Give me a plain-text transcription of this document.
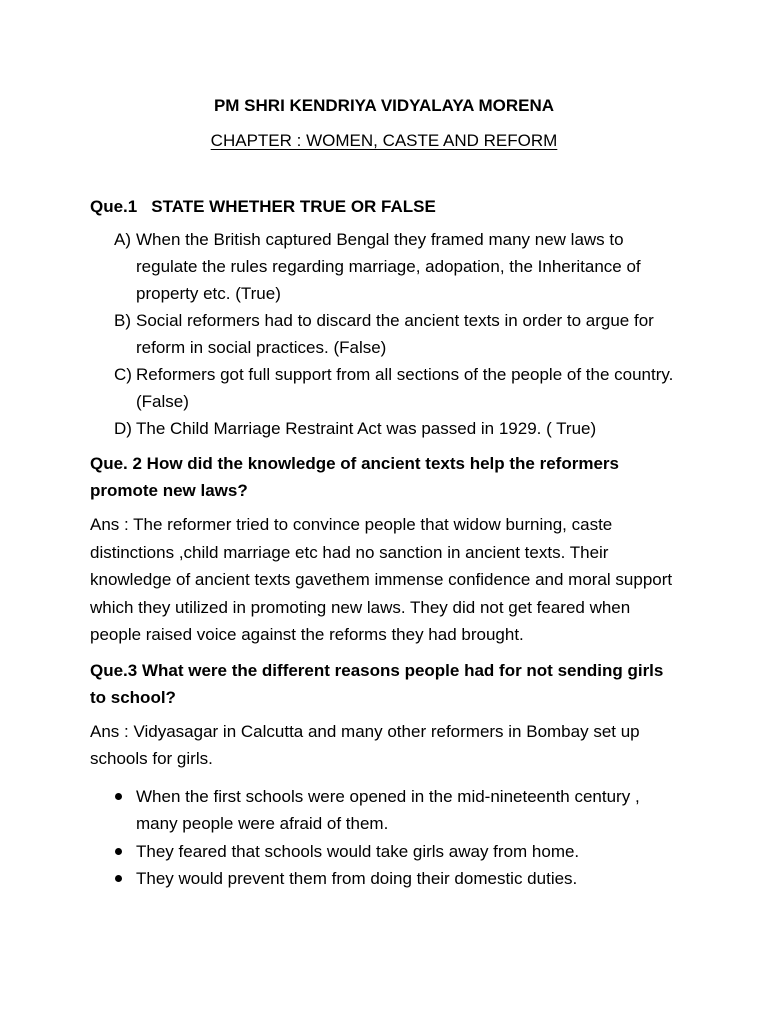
PM SHRI KENDRIYA VIDYALAYA MORENA

CHAPTER : WOMEN, CASTE AND REFORM

Que.1 STATE WHETHER TRUE OR FALSE

A) When the British captured Bengal they framed many new laws to regulate the rules regarding marriage, adopation, the Inheritance of property etc. (True)
B) Social reformers had to discard the ancient texts in order to argue for reform in social practices. (False)
C) Reformers got full support from all sections of the people of the country.(False)
D) The Child Marriage Restraint Act was passed in 1929. ( True)

Que. 2 How did the knowledge of ancient texts help the reformers promote new laws?

Ans : The reformer tried to convince people that widow burning, caste distinctions ,child marriage etc had no sanction in ancient texts. Their knowledge of ancient texts gavethem immense confidence and moral support which they utilized in promoting new laws. They did not get feared when people raised voice against the reforms they had brought.

Que.3 What were the different reasons people had for not sending girls to school?

Ans : Vidyasagar in Calcutta and many other reformers in Bombay set up schools for girls.

When the first schools were opened in the mid-nineteenth century , many people were afraid of them.
They feared that schools would take girls away from home.
They would prevent them from doing their domestic duties.
